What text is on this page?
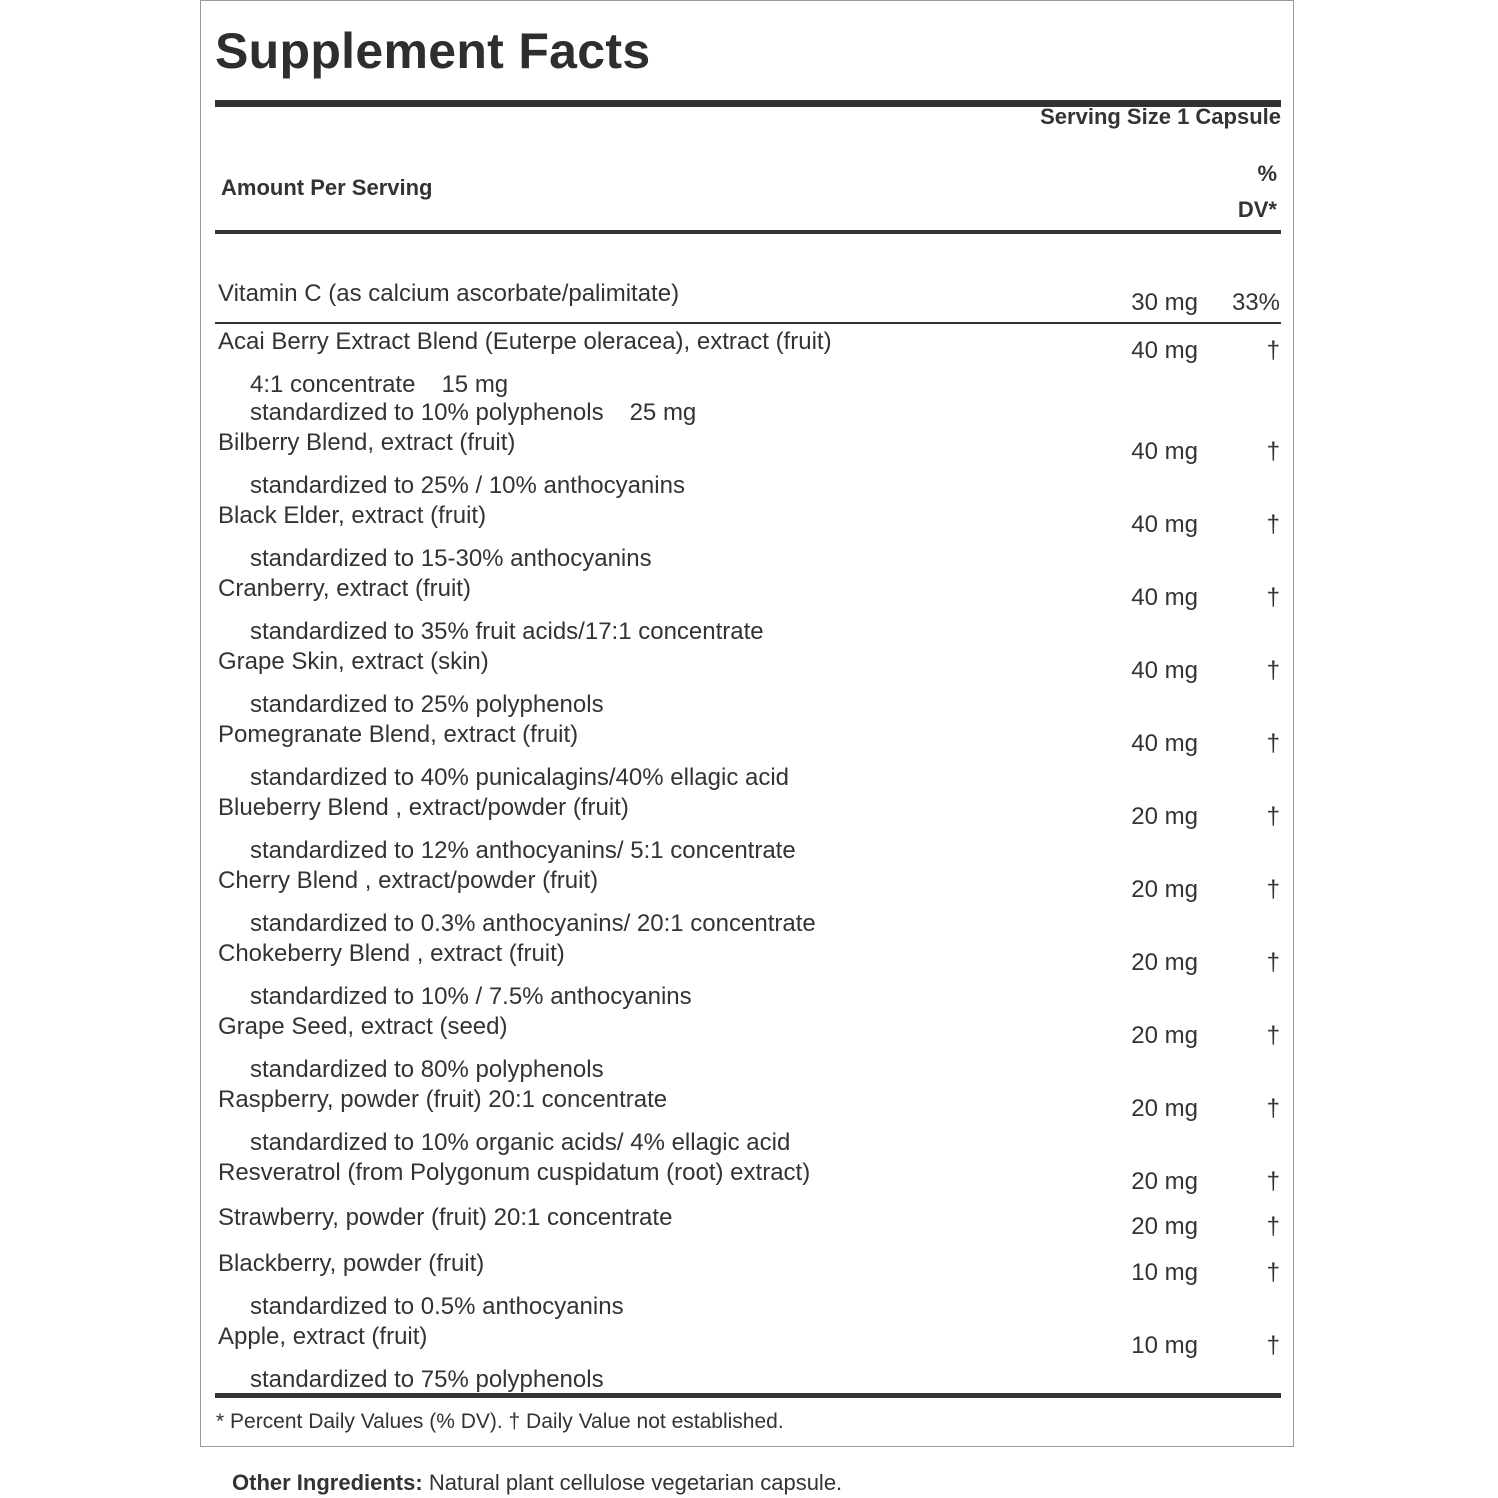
Supplement Facts
Serving Size 1 Capsule
Amount Per Serving
%
DV*
Vitamin C (as calcium ascorbate/palimitate)	30 mg	33%
Acai Berry Extract Blend (Euterpe oleracea), extract (fruit)	40 mg	†
4:1 concentrate 15 mg
standardized to 10% polyphenols 25 mg
Bilberry Blend, extract (fruit)	40 mg	†
standardized to 25% / 10% anthocyanins
Black Elder, extract (fruit)	40 mg	†
standardized to 15-30% anthocyanins
Cranberry, extract (fruit)	40 mg	†
standardized to 35% fruit acids/17:1 concentrate
Grape Skin, extract (skin)	40 mg	†
standardized to 25% polyphenols
Pomegranate Blend, extract (fruit)	40 mg	†
standardized to 40% punicalagins/40% ellagic acid
Blueberry Blend , extract/powder (fruit)	20 mg	†
standardized to 12% anthocyanins/ 5:1 concentrate
Cherry Blend , extract/powder (fruit)	20 mg	†
standardized to 0.3% anthocyanins/ 20:1 concentrate
Chokeberry Blend , extract (fruit)	20 mg	†
standardized to 10% / 7.5% anthocyanins
Grape Seed, extract (seed)	20 mg	†
standardized to 80% polyphenols
Raspberry, powder (fruit) 20:1 concentrate	20 mg	†
standardized to 10% organic acids/ 4% ellagic acid
Resveratrol (from Polygonum cuspidatum (root) extract)	20 mg	†
Strawberry, powder (fruit) 20:1 concentrate	20 mg	†
Blackberry, powder (fruit)	10 mg	†
standardized to 0.5% anthocyanins
Apple, extract (fruit)	10 mg	†
standardized to 75% polyphenols
* Percent Daily Values (% DV). † Daily Value not established.
Other Ingredients: Natural plant cellulose vegetarian capsule.
